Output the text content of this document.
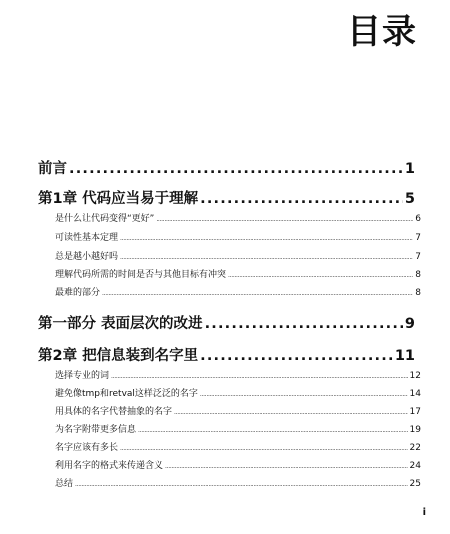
目录
前言 .....	1
第1章 代码应当易于理解 .....	5
是什么让代码变得“更好” .....	6
可读性基本定理 .....	7
总是越小越好吗 .....	7
理解代码所需的时间是否与其他目标有冲突 .....	8
最难的部分 .....	8
第一部分 表面层次的改进 .....	9
第2章 把信息装到名字里 .....	11
选择专业的词 .....	12
避免像tmp和retval这样泛泛的名字 .....	14
用具体的名字代替抽象的名字 .....	17
为名字附带更多信息 .....	19
名字应该有多长 .....	22
利用名字的格式来传递含义 .....	24
总结 .....	25
i
